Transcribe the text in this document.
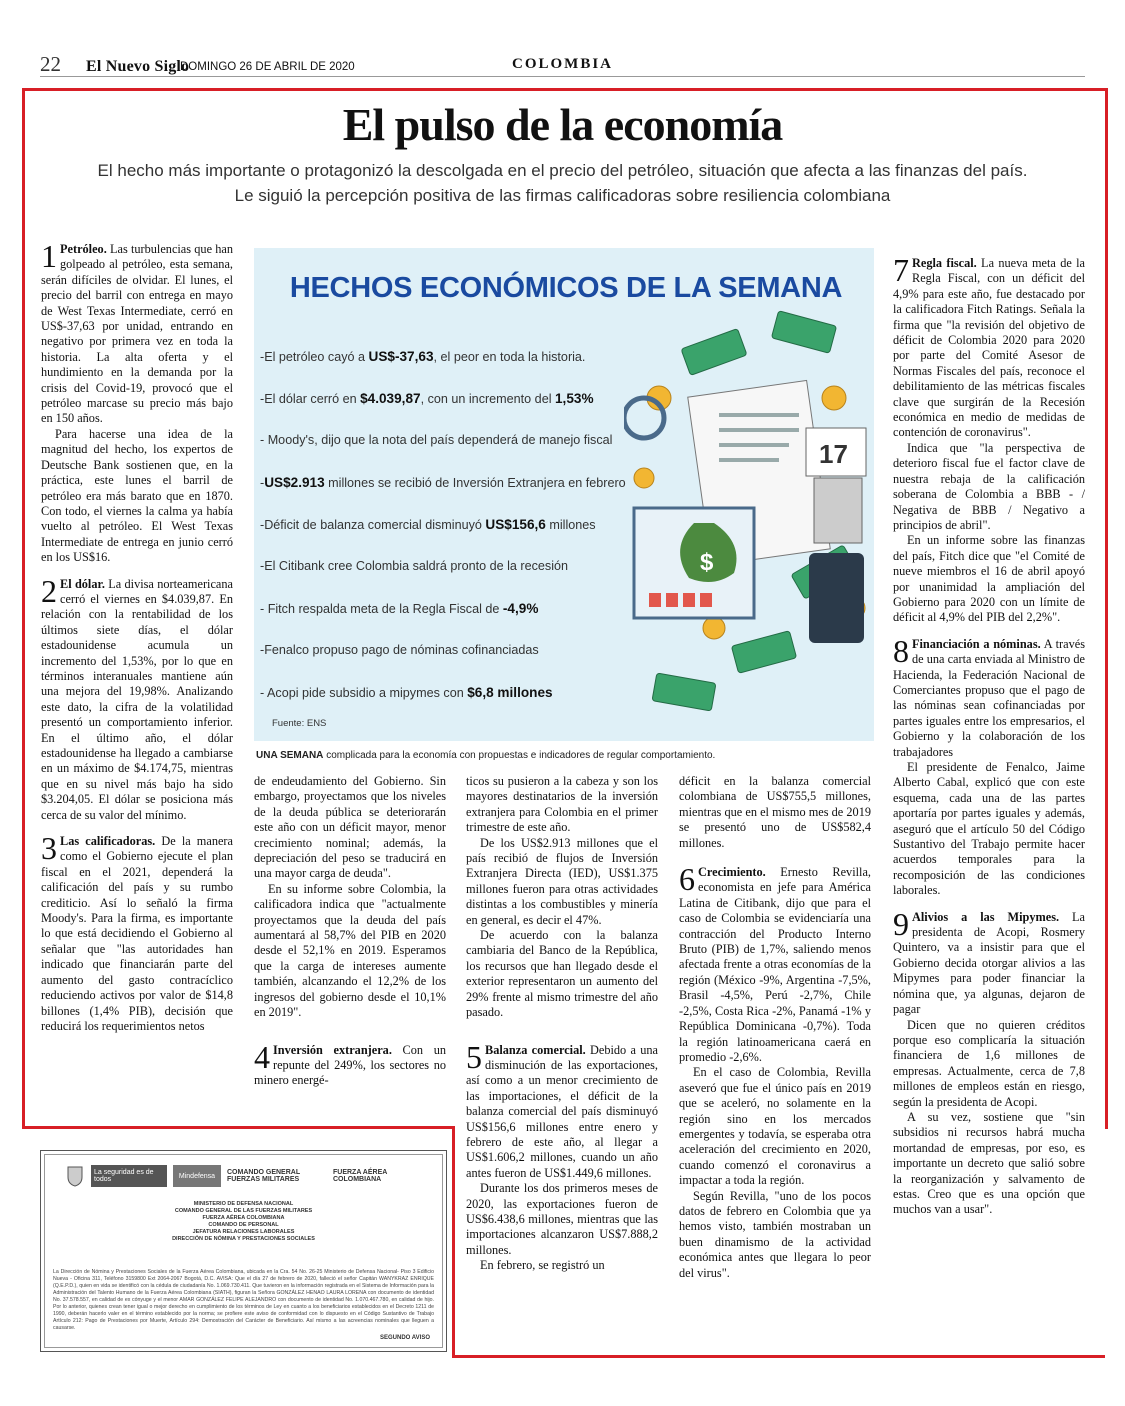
22 El Nuevo Siglo
DOMINGO 26 DE ABRIL DE 2020	COLOMBIA
El pulso de la economía
El hecho más importante o protagonizó la descolgada en el precio del petróleo, situación que afecta a las finanzas del país.
Le siguió la percepción positiva de las firmas calificadoras sobre resiliencia colombiana

1 Petróleo. Las turbulencias que han golpeado al petróleo, esta semana, serán difíciles de olvidar. El lunes, el precio del barril con entrega en mayo de West Texas Intermediate, cerró en US$-37,63 por unidad, entrando en negativo por primera vez en toda la historia. La alta oferta y el hundimiento en la demanda por la crisis del Covid-19, provocó que el petróleo marcase su precio más bajo en 150 años.

Para hacerse una idea de la magnitud del hecho, los expertos de Deutsche Bank sostienen que, en la práctica, este lunes el barril de petróleo era más barato que en 1870. Con todo, el viernes la calma ya había vuelto al petróleo. El West Texas Intermediate de entrega en junio cerró en los US$16.

2 El dólar. La divisa norteamericana cerró el viernes en $4.039,87. En relación con la rentabilidad de los últimos siete días, el dólar estadounidense acumula un incremento del 1,53%, por lo que en términos interanuales mantiene aún una mejora del 19,98%. Analizando este dato, la cifra de la volatilidad presentó un comportamiento inferior. En el último año, el dólar estadounidense ha llegado a cambiarse en un máximo de $4.174,75, mientras que en su nivel más bajo ha sido $3.204,05. El dólar se posiciona más cerca de su valor del mínimo.

3 Las calificadoras. De la manera como el Gobierno ejecute el plan fiscal en el 2021, dependerá la calificación del país y su rumbo crediticio. Así lo señaló la firma Moody's. Para la firma, es importante lo que está decidiendo el Gobierno al señalar que "las autoridades han indicado que financiarán parte del aumento del gasto contracíclico reduciendo activos por valor de $14,8 billones (1,4% PIB), decisión que reducirá los requerimientos netos

HECHOS ECONÓMICOS DE LA SEMANA
$
17
-El petróleo cayó a US$-37,63, el peor en toda la historia.
-El dólar cerró en $4.039,87, con un incremento del 1,53%
- Moody's, dijo que la nota del país dependerá de manejo fiscal
-US$2.913 millones se recibió de Inversión Extranjera en febrero
-Déficit de balanza comercial disminuyó US$156,6 millones
-El Citibank cree Colombia saldrá pronto de la recesión
- Fitch respalda meta de la Regla Fiscal de -4,9%
-Fenalco propuso pago de nóminas cofinanciadas
- Acopi pide subsidio a mipymes con $6,8 millones
Fuente: ENS
UNA SEMANA complicada para la economía con propuestas e indicadores de regular comportamiento.

de endeudamiento del Gobierno. Sin embargo, proyectamos que los niveles de la deuda pública se deteriorarán este año con un déficit mayor, menor crecimiento nominal; además, la depreciación del peso se traducirá en una mayor carga de deuda".

En su informe sobre Colombia, la calificadora indica que "actualmente proyectamos que la deuda del país aumentará al 58,7% del PIB en 2020 desde el 52,1% en 2019. Esperamos que la carga de intereses aumente también, alcanzando el 12,2% de los ingresos del gobierno desde el 10,1% en 2019".

4 Inversión extranjera. Con un repunte del 249%, los sectores no minero energé-

ticos su pusieron a la cabeza y son los mayores destinatarios de la inversión extranjera para Colombia en el primer trimestre de este año.

De los US$2.913 millones que el país recibió de flujos de Inversión Extranjera Directa (IED), US$1.375 millones fueron para otras actividades distintas a los combustibles y minería en general, es decir el 47%.

De acuerdo con la balanza cambiaria del Banco de la República, los recursos que han llegado desde el exterior representaron un aumento del 29% frente al mismo trimestre del año pasado.

5 Balanza comercial. Debido a una disminución de las exportaciones, así como a un menor crecimiento de las importaciones, el déficit de la balanza comercial del país disminuyó US$156,6 millones entre enero y febrero de este año, al llegar a US$1.606,2 millones, cuando un año antes fueron de US$1.449,6 millones.

Durante los dos primeros meses de 2020, las exportaciones fueron de US$6.438,6 millones, mientras que las importaciones alcanzaron US$7.888,2 millones.

En febrero, se registró un

déficit en la balanza comercial colombiana de US$755,5 millones, mientras que en el mismo mes de 2019 se presentó uno de US$582,4 millones.

6 Crecimiento. Ernesto Revilla, economista en jefe para América Latina de Citibank, dijo que para el caso de Colombia se evidenciaría una contracción del Producto Interno Bruto (PIB) de 1,7%, saliendo menos afectada frente a otras economías de la región (México -9%, Argentina -7,5%, Brasil -4,5%, Perú -2,7%, Chile -2,5%, Costa Rica -2%, Panamá -1% y República Dominicana -0,7%). Toda la región latinoamericana caerá en promedio -2,6%.

En el caso de Colombia, Revilla aseveró que fue el único país en 2019 que se aceleró, no solamente en la región sino en los mercados emergentes y todavía, se esperaba otra aceleración del crecimiento en 2020, cuando comenzó el coronavirus a impactar a toda la región.

Según Revilla, "uno de los pocos datos de febrero en Colombia que ya hemos visto, también mostraban un buen dinamismo de la actividad económica antes que llegara lo peor del virus".

7 Regla fiscal. La nueva meta de la Regla Fiscal, con un déficit del 4,9% para este año, fue destacado por la calificadora Fitch Ratings. Señala la firma que "la revisión del objetivo de déficit de Colombia 2020 para 2020 por parte del Comité Asesor de Normas Fiscales del país, reconoce el debilitamiento de las métricas fiscales clave que surgirán de la Recesión económica en medio de medidas de contención de coronavirus".

Indica que "la perspectiva de deterioro fiscal fue el factor clave de nuestra rebaja de la calificación soberana de Colombia a BBB - / Negativa de BBB / Negativo a principios de abril".

En un informe sobre las finanzas del país, Fitch dice que "el Comité de nueve miembros el 16 de abril apoyó por unanimidad la ampliación del Gobierno para 2020 con un límite de déficit al 4,9% del PIB del 2,2%".

8 Financiación a nóminas. A través de una carta enviada al Ministro de Hacienda, la Federación Nacional de Comerciantes propuso que el pago de las nóminas sean cofinanciadas por partes iguales entre los empresarios, el Gobierno y la colaboración de los trabajadores

El presidente de Fenalco, Jaime Alberto Cabal, explicó que con este esquema, cada una de las partes aportaría por partes iguales y además, aseguró que el artículo 50 del Código Sustantivo del Trabajo permite hacer acuerdos temporales para la recomposición de las condiciones laborales.

9 Alivios a las Mipymes. La presidenta de Acopi, Rosmery Quintero, va a insistir para que el Gobierno decida otorgar alivios a las Mipymes para poder financiar la nómina que, ya algunas, dejaron de pagar

Dicen que no quieren créditos porque eso complicaría la situación financiera de 1,6 millones de empresas. Actualmente, cerca de 7,8 millones de empleos están en riesgo, según la presidenta de Acopi.

A su vez, sostiene que "sin subsidios ni recursos habrá mucha mortandad de empresas, por eso, es importante un decreto que salió sobre la reorganización y salvamento de estas. Creo que es una opción que muchos van a usar".

La seguridad es de todos	Mindefensa	COMANDO GENERAL FUERZAS MILITARES
FUERZA AÉREA COLOMBIANA
MINISTERIO DE DEFENSA NACIONAL
COMANDO GENERAL DE LAS FUERZAS MILITARES
FUERZA AÉREA COLOMBIANA
COMANDO DE PERSONAL
JEFATURA RELACIONES LABORALES
DIRECCIÓN DE NÓMINA Y PRESTACIONES SOCIALES
La Dirección de Nómina y Prestaciones Sociales de la Fuerza Aérea Colombiana, ubicada en la Cra. 54 No. 26-25 Ministerio de Defensa Nacional- Piso 3 Edificio Nueva - Oficina 311, Teléfono 3159800 Ext 2064-2067 Bogotá, D.C. AVISA: Que el día 27 de febrero de 2020, falleció el señor Capitán WANYKRAZ ENRIQUE (Q.E.P.D.), quien en vida se identificó con la cédula de ciudadanía No. 1.069.730.411. Que tuvieron en la información registrada en el Sistema de Información para la Administración del Talento Humano de la Fuerza Aérea Colombiana (SIATH), figuran la Señora GONZÁLEZ HENAO LAURA LORENA con documento de identidad No. 37.578.557, en calidad de ex cónyuge y el menor AMAR GONZÁLEZ FELIPE ALEJANDRO con documento de identidad No. 1.070.467.780, en calidad de hijo. Por lo anterior, quienes crean tener igual o mejor derecho en cumplimiento de los términos de Ley en cuanto a los beneficiarios establecidos en el Decreto 1211 de 1990, deberán hacerlo valer en el término establecido por la norma; se profiere este aviso de conformidad con lo dispuesto en el Código Sustantivo de Trabajo Artículo 212: Pago de Prestaciones por Muerte, Artículo 294: Demostración del Carácter de Beneficiario. Así mismo a las acreencias nominales que lleguen a causarse.
SEGUNDO AVISO
